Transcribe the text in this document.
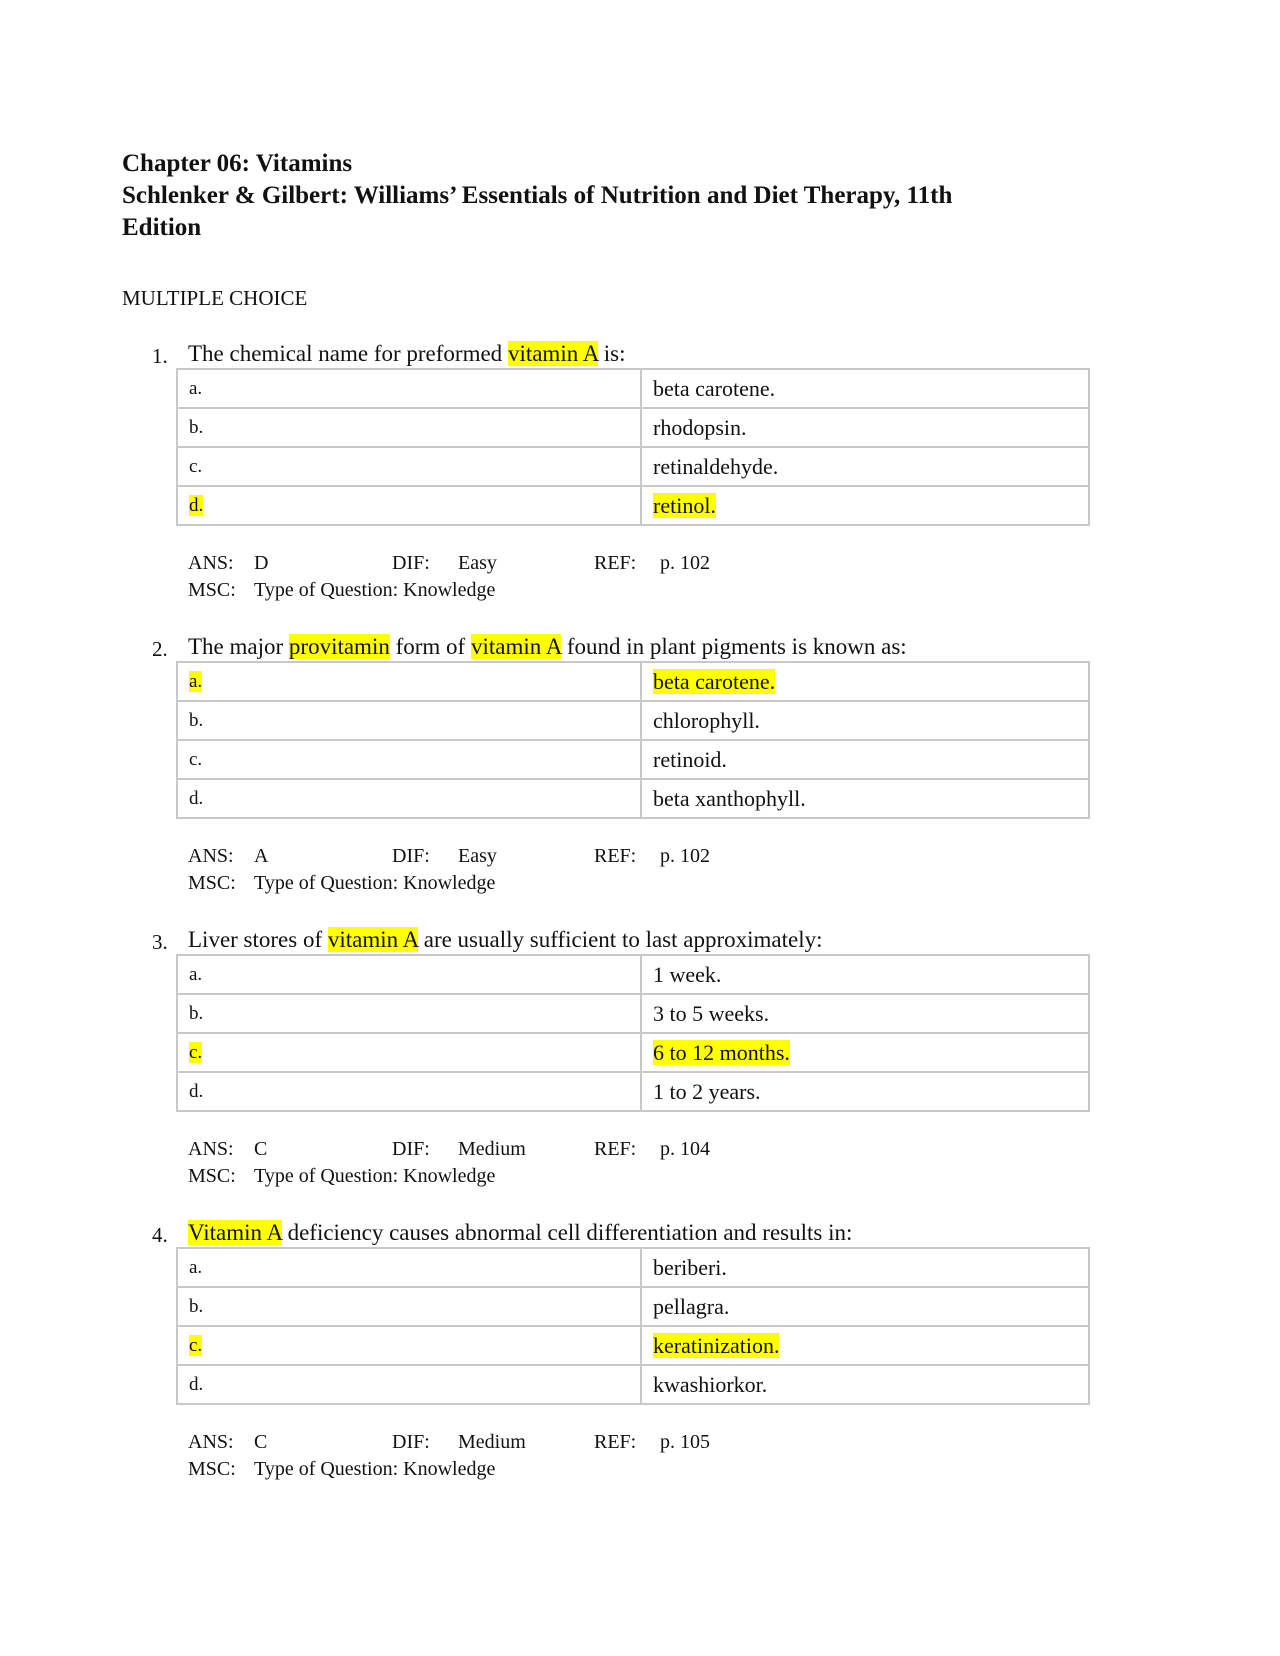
Chapter 06: Vitamins
Schlenker & Gilbert: Williams’ Essentials of Nutrition and Diet Therapy, 11th
Edition
MULTIPLE CHOICE
1. The chemical name for preformed vitamin A is:
a.	beta carotene.
b.	rhodopsin.
c.	retinaldehyde.
d.	retinol.
ANS: D	DIF: Easy	REF: p. 102
MSC: Type of Question: Knowledge
2. The major provitamin form of vitamin A found in plant pigments is known as:
a.	beta carotene.
b.	chlorophyll.
c.	retinoid.
d.	beta xanthophyll.
ANS: A	DIF: Easy	REF: p. 102
MSC: Type of Question: Knowledge
3. Liver stores of vitamin A are usually sufficient to last approximately:
a.	1 week.
b.	3 to 5 weeks.
c.	6 to 12 months.
d.	1 to 2 years.
ANS: C	DIF: Medium	REF: p. 104
MSC: Type of Question: Knowledge
4. Vitamin A deficiency causes abnormal cell differentiation and results in:
a.	beriberi.
b.	pellagra.
c.	keratinization.
d.	kwashiorkor.
ANS: C	DIF: Medium	REF: p. 105
MSC: Type of Question: Knowledge
